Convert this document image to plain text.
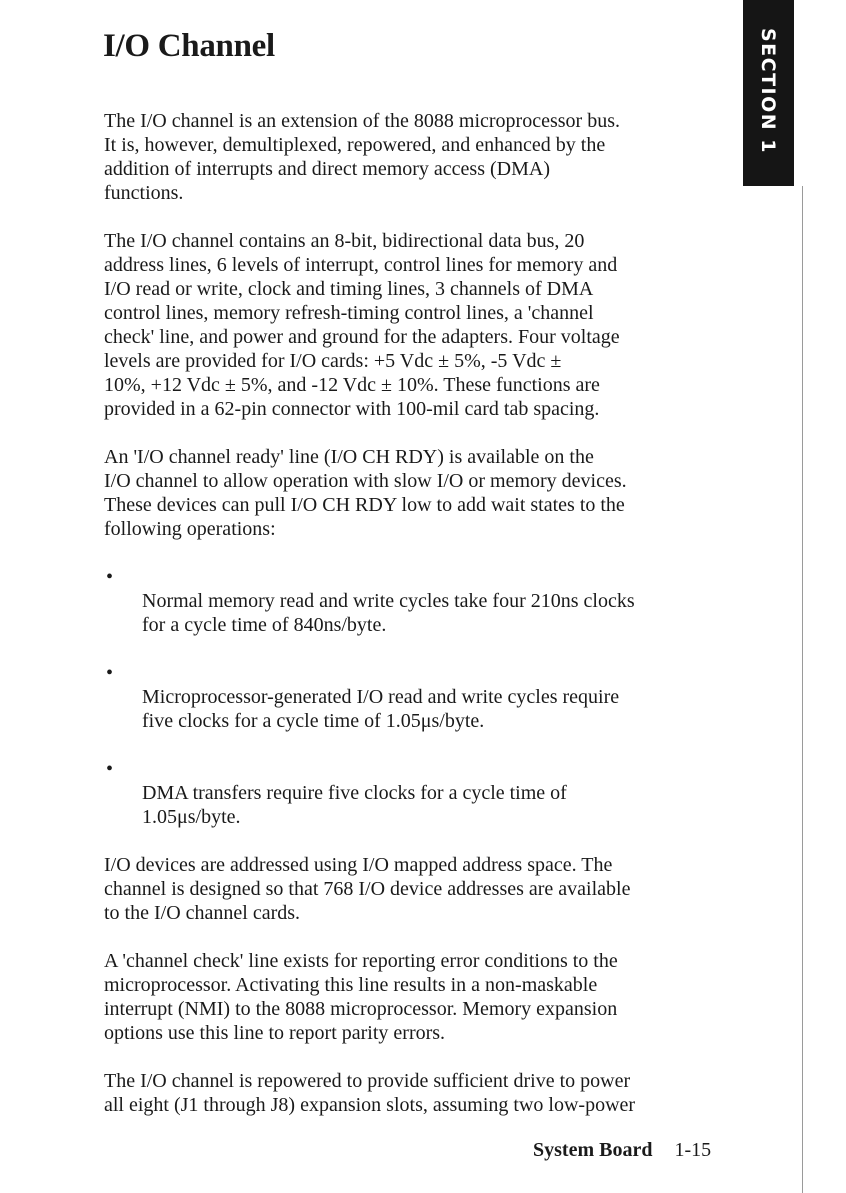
I/O Channel	SECTION 1

The I/O channel is an extension of the 8088 microprocessor bus.
It is, however, demultiplexed, repowered, and enhanced by the
addition of interrupts and direct memory access (DMA)
functions.

The I/O channel contains an 8-bit, bidirectional data bus, 20
address lines, 6 levels of interrupt, control lines for memory and
I/O read or write, clock and timing lines, 3 channels of DMA
control lines, memory refresh-timing control lines, a 'channel
check' line, and power and ground for the adapters. Four voltage
levels are provided for I/O cards: +5 Vdc ± 5%, -5 Vdc ±
10%, +12 Vdc ± 5%, and -12 Vdc ± 10%. These functions are
provided in a 62-pin connector with 100-mil card tab spacing.

An 'I/O channel ready' line (I/O CH RDY) is available on the
I/O channel to allow operation with slow I/O or memory devices.
These devices can pull I/O CH RDY low to add wait states to the
following operations:

•
Normal memory read and write cycles take four 210ns clocks
for a cycle time of 840ns/byte.

•
Microprocessor-generated I/O read and write cycles require
five clocks for a cycle time of 1.05μs/byte.

•
DMA transfers require five clocks for a cycle time of
1.05μs/byte.

I/O devices are addressed using I/O mapped address space. The
channel is designed so that 768 I/O device addresses are available
to the I/O channel cards.

A 'channel check' line exists for reporting error conditions to the
microprocessor. Activating this line results in a non-maskable
interrupt (NMI) to the 8088 microprocessor. Memory expansion
options use this line to report parity errors.

The I/O channel is repowered to provide sufficient drive to power
all eight (J1 through J8) expansion slots, assuming two low-power

System Board 1-15
